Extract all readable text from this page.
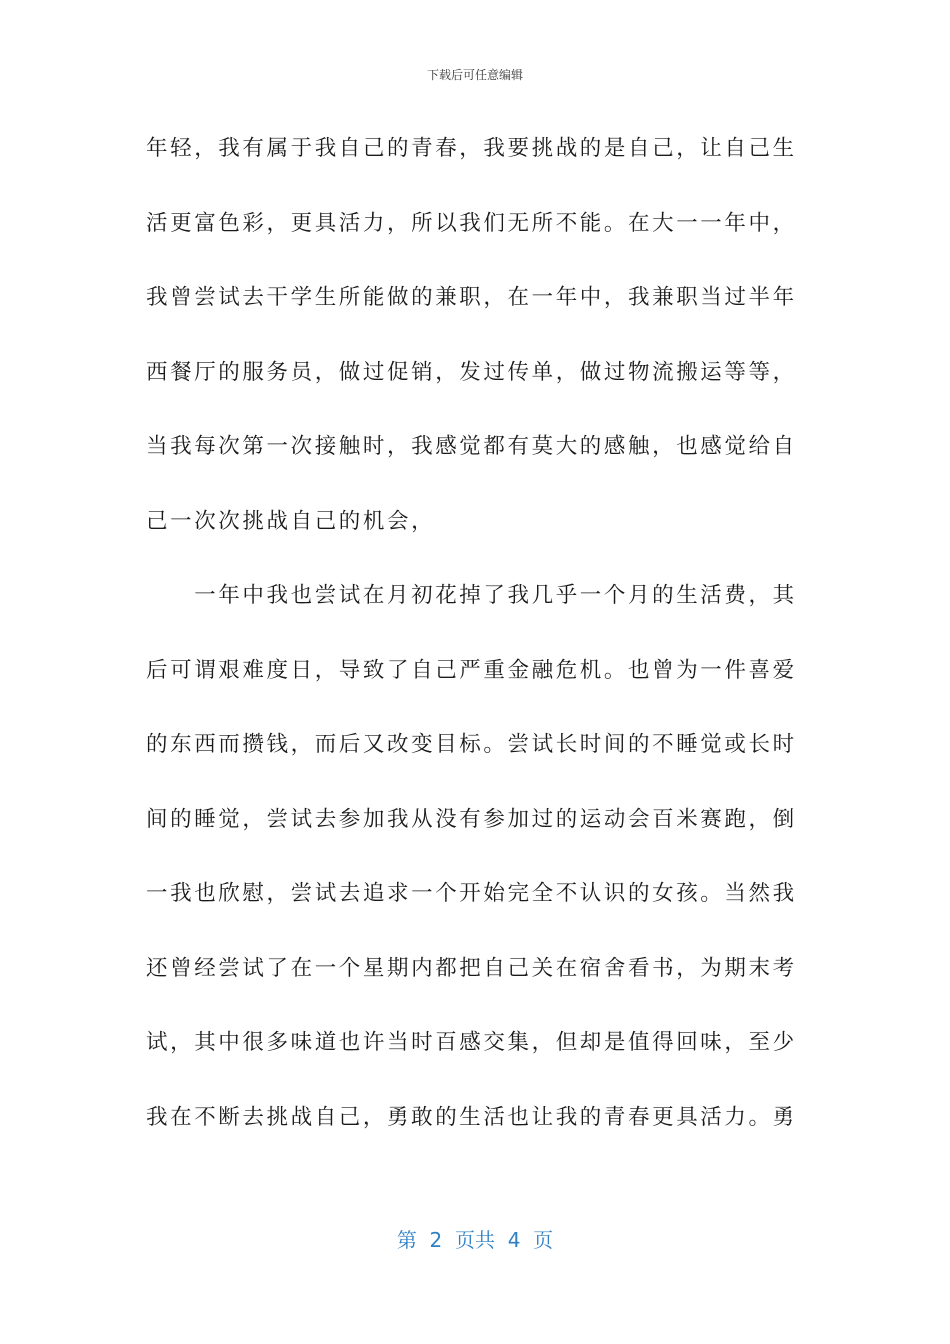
下载后可任意编辑
年轻，我有属于我自己的青春，我要挑战的是自己，让自己生
活更富色彩，更具活力，所以我们无所不能。在大一一年中，
我曾尝试去干学生所能做的兼职，在一年中，我兼职当过半年
西餐厅的服务员，做过促销，发过传单，做过物流搬运等等，
当我每次第一次接触时，我感觉都有莫大的感触，也感觉给自
己一次次挑战自己的机会，
　　一年中我也尝试在月初花掉了我几乎一个月的生活费，其
后可谓艰难度日，导致了自己严重金融危机。也曾为一件喜爱
的东西而攒钱，而后又改变目标。尝试长时间的不睡觉或长时
间的睡觉，尝试去参加我从没有参加过的运动会百米赛跑，倒
一我也欣慰，尝试去追求一个开始完全不认识的女孩。当然我
还曾经尝试了在一个星期内都把自己关在宿舍看书，为期末考
试，其中很多味道也许当时百感交集，但却是值得回味，至少
我在不断去挑战自己，勇敢的生活也让我的青春更具活力。勇
第  2  页共  4  页
